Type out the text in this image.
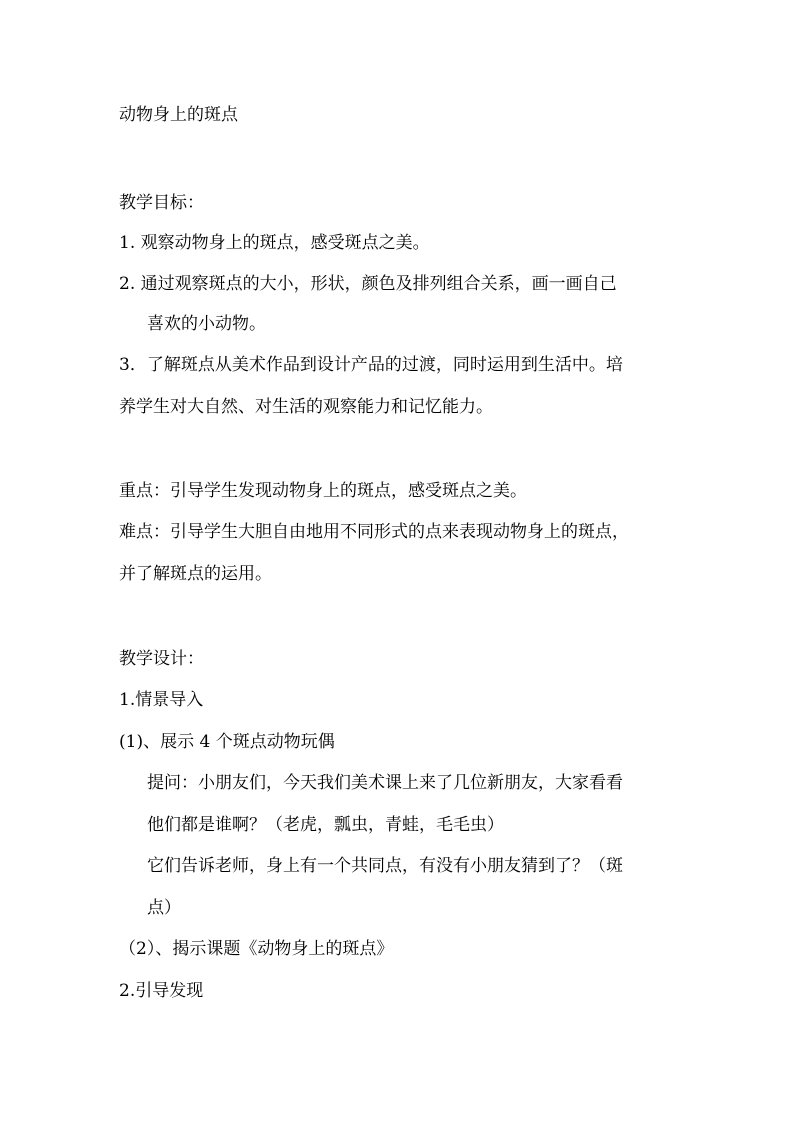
动物身上的斑点
教学目标：
1. 观察动物身上的斑点，感受斑点之美。
2. 通过观察斑点的大小，形状，颜色及排列组合关系，画一画自己
喜欢的小动物。
3．了解斑点从美术作品到设计产品的过渡，同时运用到生活中。培
养学生对大自然、对生活的观察能力和记忆能力。
重点：引导学生发现动物身上的斑点，感受斑点之美。
难点：引导学生大胆自由地用不同形式的点来表现动物身上的斑点，
并了解斑点的运用。
教学设计：
1.情景导入
(1)、展示 4 个斑点动物玩偶
提问：小朋友们，今天我们美术课上来了几位新朋友，大家看看
他们都是谁啊？（老虎，瓢虫，青蛙，毛毛虫）
它们告诉老师，身上有一个共同点，有没有小朋友猜到了？（斑
点）
（2）、揭示课题《动物身上的斑点》
2.引导发现
